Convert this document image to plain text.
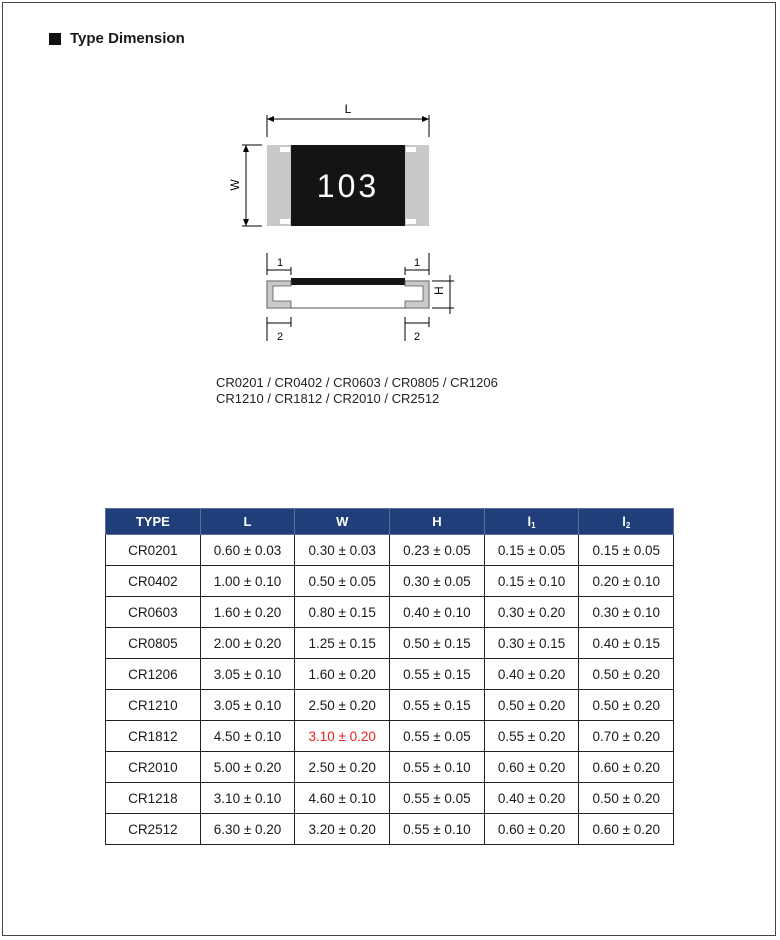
Type Dimension
L
W 103
1	1
H
2	2
CR0201 / CR0402 / CR0603 / CR0805 / CR1206
CR1210 / CR1812 / CR2010 / CR2512
TYPE	L	W	H	$l_1$	$l_2$
CR0201	0.60 ± 0.03	0.30 ± 0.03	0.23 ± 0.05	0.15 ± 0.05	0.15 ± 0.05
CR0402	1.00 ± 0.10	0.50 ± 0.05	0.30 ± 0.05	0.15 ± 0.10	0.20 ± 0.10
CR0603	1.60 ± 0.20	0.80 ± 0.15	0.40 ± 0.10	0.30 ± 0.20	0.30 ± 0.10
CR0805	2.00 ± 0.20	1.25 ± 0.15	0.50 ± 0.15	0.30 ± 0.15	0.40 ± 0.15
CR1206	3.05 ± 0.10	1.60 ± 0.20	0.55 ± 0.15	0.40 ± 0.20	0.50 ± 0.20
CR1210	3.05 ± 0.10	2.50 ± 0.20	0.55 ± 0.15	0.50 ± 0.20	0.50 ± 0.20
CR1812	4.50 ± 0.10	3.10 ± 0.20	0.55 ± 0.05	0.55 ± 0.20	0.70 ± 0.20
CR2010	5.00 ± 0.20	2.50 ± 0.20	0.55 ± 0.10	0.60 ± 0.20	0.60 ± 0.20
CR1218	3.10 ± 0.10	4.60 ± 0.10	0.55 ± 0.05	0.40 ± 0.20	0.50 ± 0.20
CR2512	6.30 ± 0.20	3.20 ± 0.20	0.55 ± 0.10	0.60 ± 0.20	0.60 ± 0.20
